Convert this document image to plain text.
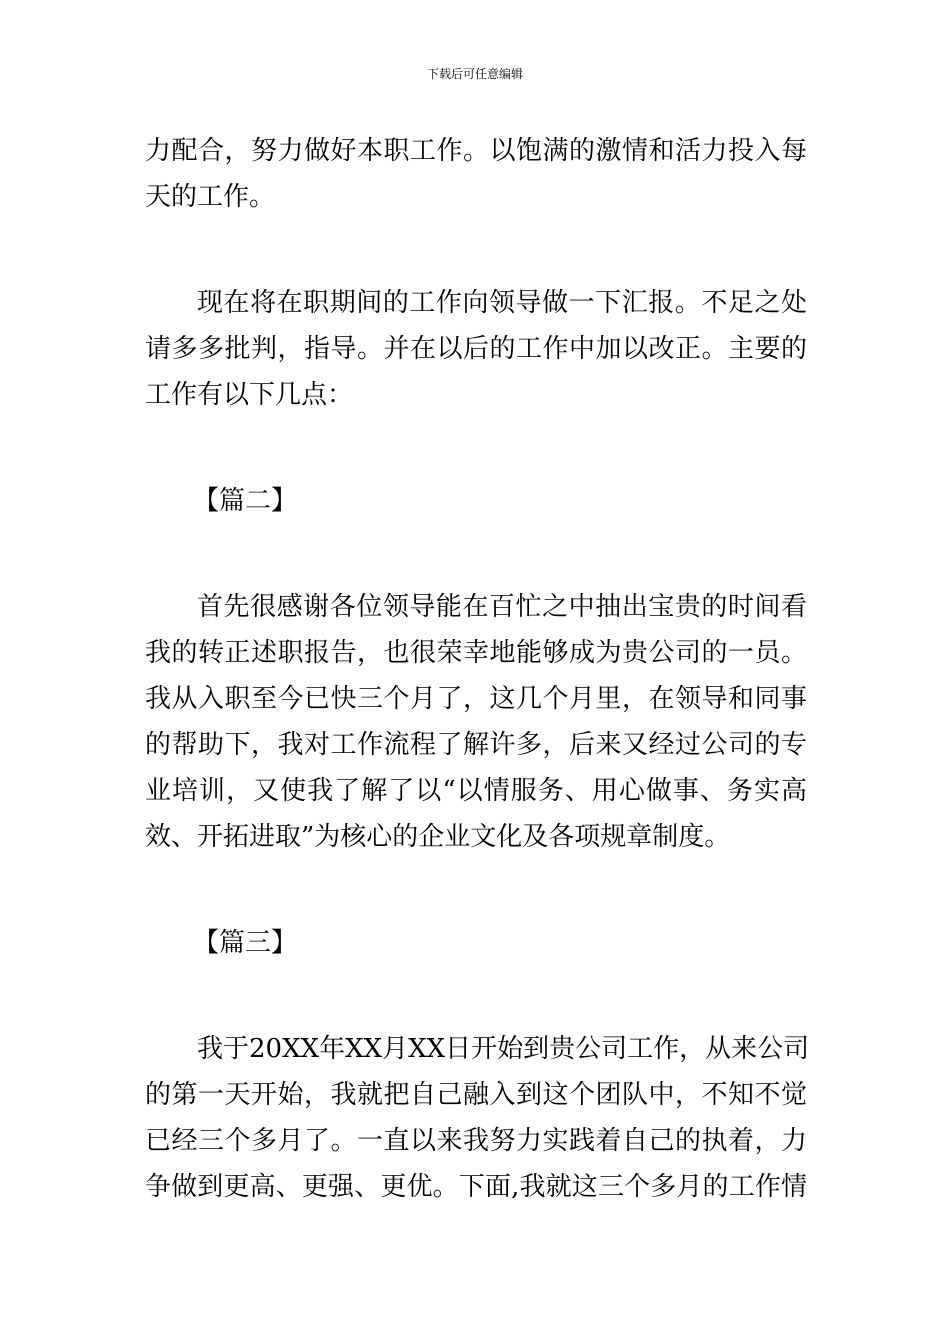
下载后可任意编辑

力配合，努力做好本职工作。以饱满的激情和活力投入每
天的工作。

现在将在职期间的工作向领导做一下汇报。不足之处
请多多批判，指导。并在以后的工作中加以改正。主要的
工作有以下几点：

【篇二】

首先很感谢各位领导能在百忙之中抽出宝贵的时间看
我的转正述职报告，也很荣幸地能够成为贵公司的一员。
我从入职至今已快三个月了，这几个月里，在领导和同事
的帮助下，我对工作流程了解许多，后来又经过公司的专
业培训，又使我了解了以“以情服务、用心做事、务实高
效、开拓进取”为核心的企业文化及各项规章制度。

【篇三】

我于20XX年XX月XX日开始到贵公司工作，从来公司
的第一天开始，我就把自己融入到这个团队中，不知不觉
已经三个多月了。一直以来我努力实践着自己的执着，力
争做到更高、更强、更优。下面,我就这三个多月的工作情
